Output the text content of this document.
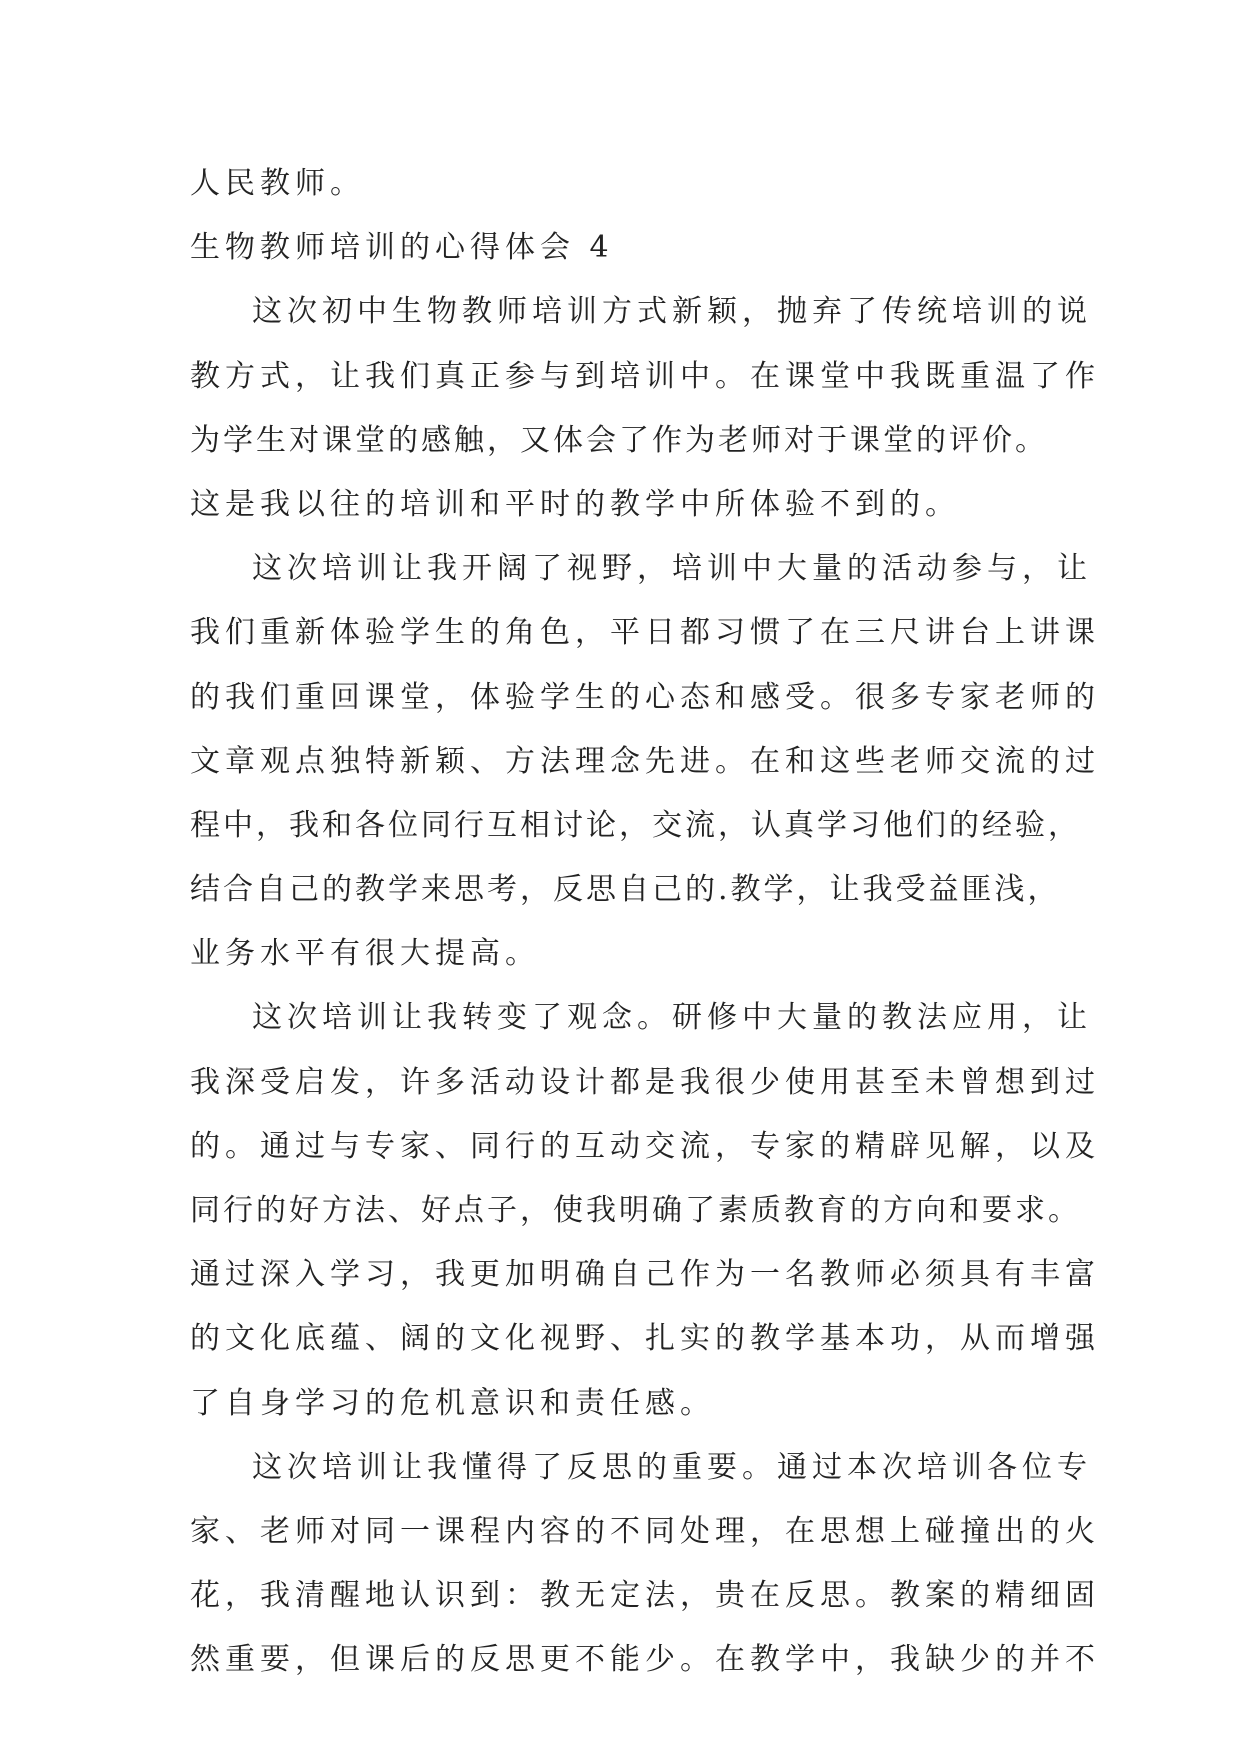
人民教师。
生物教师培训的心得体会 4
这次初中生物教师培训方式新颖，抛弃了传统培训的说
教方式，让我们真正参与到培训中。在课堂中我既重温了作
为学生对课堂的感触，又体会了作为老师对于课堂的评价。
这是我以往的培训和平时的教学中所体验不到的。
这次培训让我开阔了视野，培训中大量的活动参与，让
我们重新体验学生的角色，平日都习惯了在三尺讲台上讲课
的我们重回课堂，体验学生的心态和感受。很多专家老师的
文章观点独特新颖、方法理念先进。在和这些老师交流的过
程中，我和各位同行互相讨论，交流，认真学习他们的经验，
结合自己的教学来思考，反思自己的.教学，让我受益匪浅，
业务水平有很大提高。
这次培训让我转变了观念。研修中大量的教法应用，让
我深受启发，许多活动设计都是我很少使用甚至未曾想到过
的。通过与专家、同行的互动交流，专家的精辟见解，以及
同行的好方法、好点子，使我明确了素质教育的方向和要求。
通过深入学习，我更加明确自己作为一名教师必须具有丰富
的文化底蕴、阔的文化视野、扎实的教学基本功，从而增强
了自身学习的危机意识和责任感。
这次培训让我懂得了反思的重要。通过本次培训各位专
家、老师对同一课程内容的不同处理，在思想上碰撞出的火
花，我清醒地认识到：教无定法，贵在反思。教案的精细固
然重要，但课后的反思更不能少。在教学中，我缺少的并不
